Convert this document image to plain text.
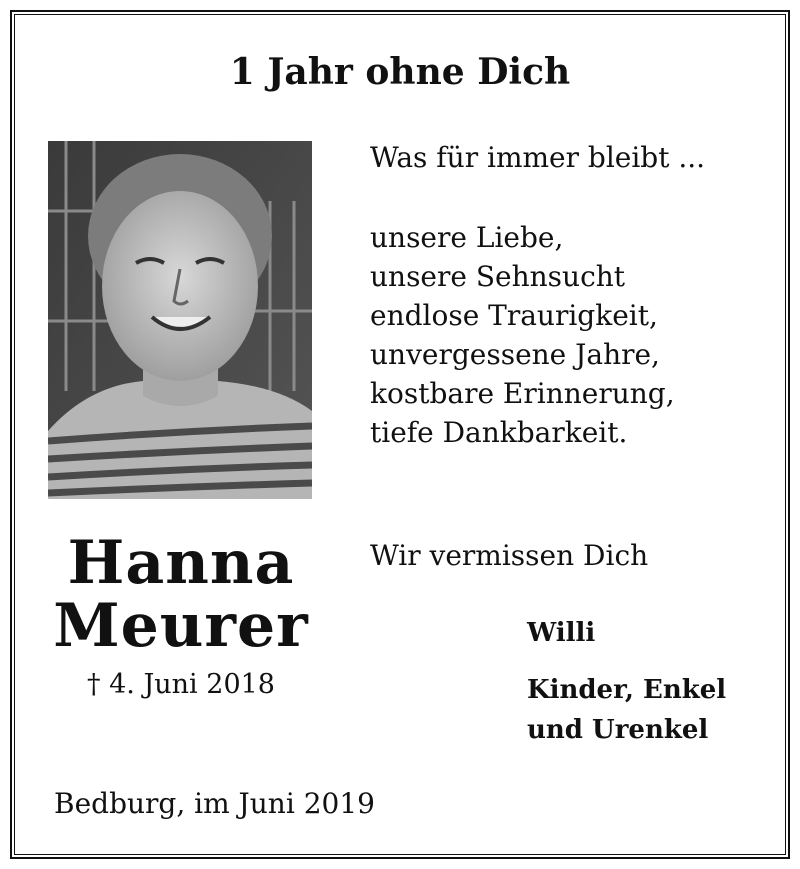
1 Jahr ohne Dich
Hanna
Meurer
† 4. Juni 2018
Was für immer bleibt ...
unsere Liebe,
unsere Sehnsucht
endlose Traurigkeit,
unvergessene Jahre,
kostbare Erinnerung,
tiefe Dankbarkeit.
Wir vermissen Dich
Willi
Kinder, Enkel
und Urenkel
Bedburg, im Juni 2019
